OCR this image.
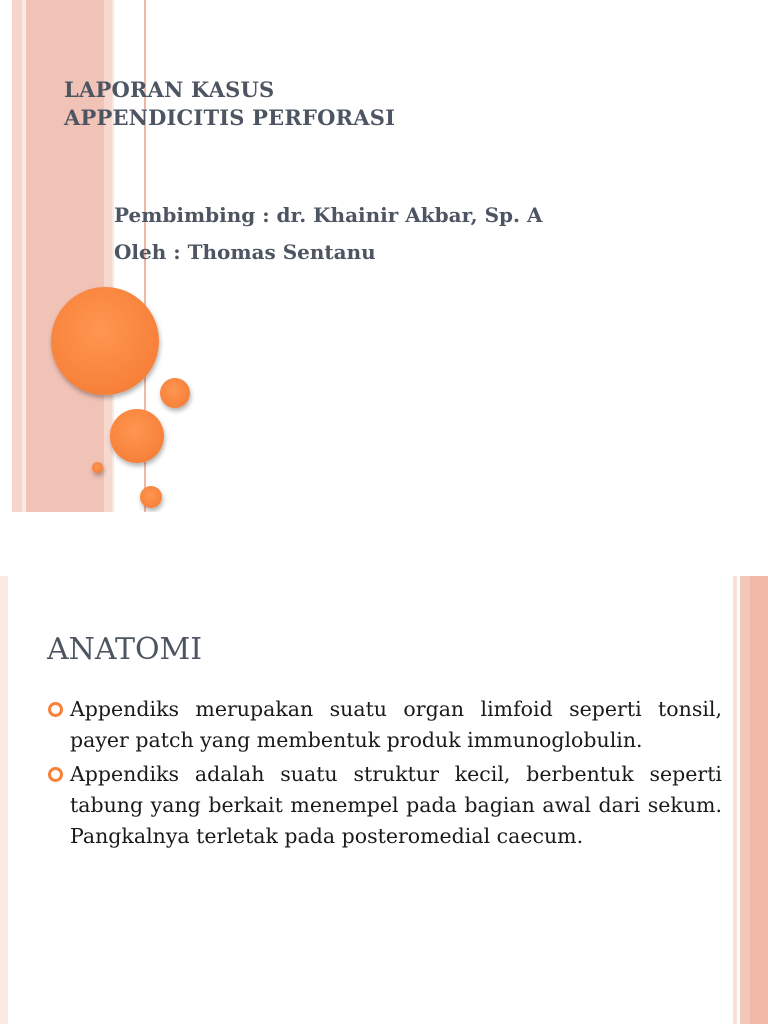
LAPORAN KASUS
APPENDICITIS PERFORASI
Pembimbing : dr. Khainir Akbar, Sp. A
Oleh : Thomas Sentanu
ANATOMI
Appendiks merupakan suatu organ limfoid seperti tonsil, payer patch yang membentuk produk immunoglobulin.
Appendiks adalah suatu struktur kecil, berbentuk seperti tabung yang berkait menempel pada bagian awal dari sekum. Pangkalnya terletak pada posteromedial caecum.
